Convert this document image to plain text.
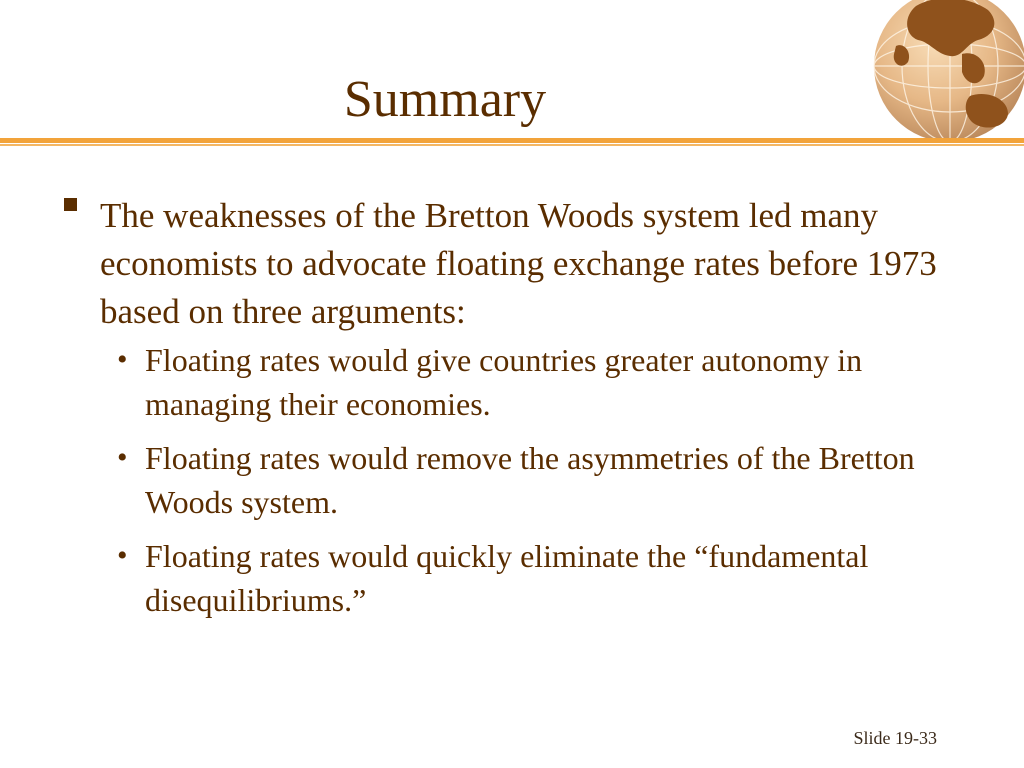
Summary
The weaknesses of the Bretton Woods system led many economists to advocate floating exchange rates before 1973 based on three arguments:
• Floating rates would give countries greater autonomy in managing their economies.
• Floating rates would remove the asymmetries of the Bretton Woods system.
• Floating rates would quickly eliminate the “fundamental disequilibriums.”
Slide 19-33
